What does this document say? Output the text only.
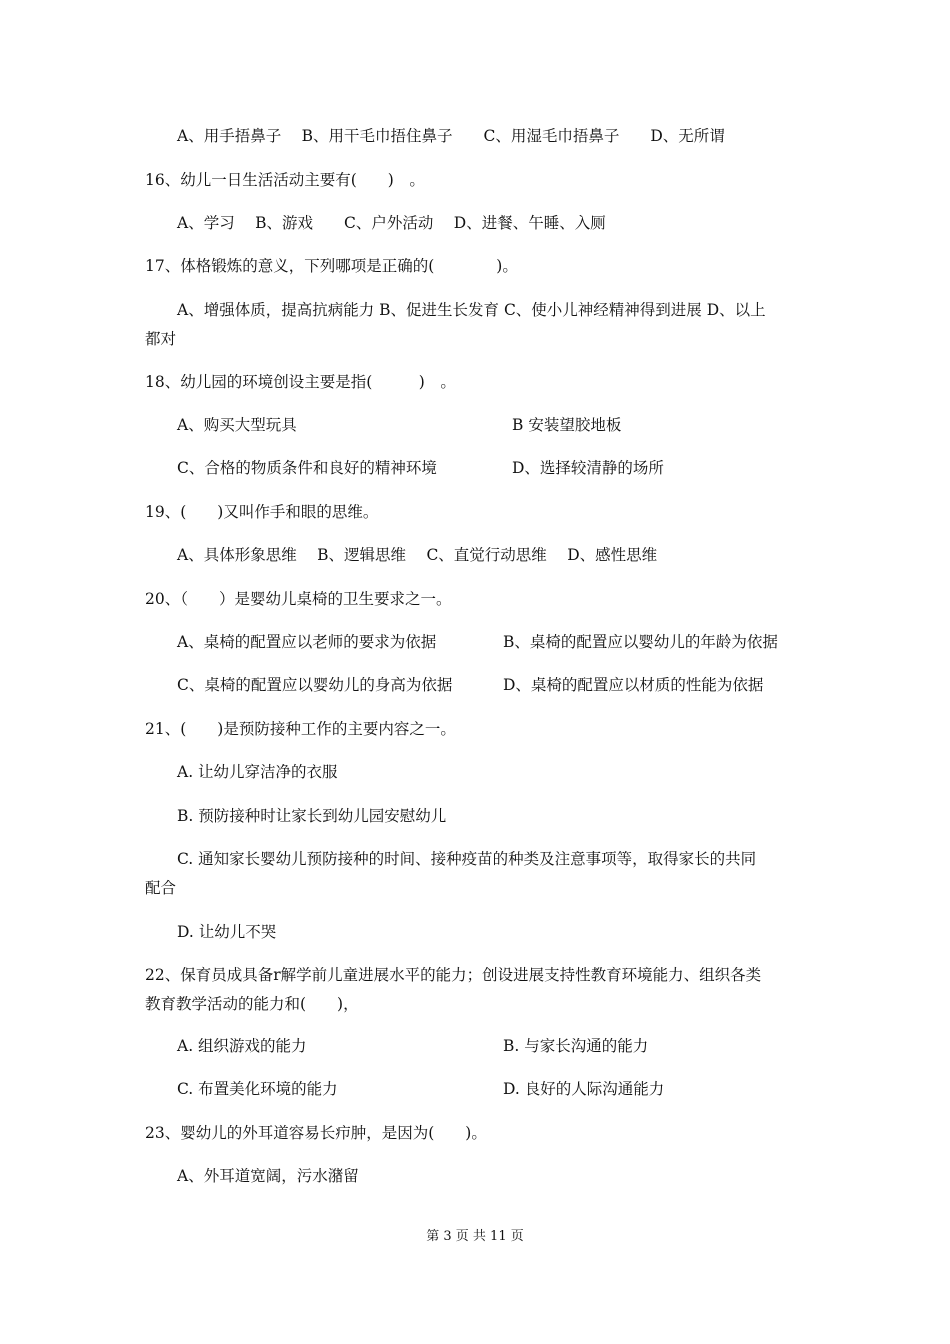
A、用手捂鼻子　 B、用干毛巾捂住鼻子　　C、用湿毛巾捂鼻子　　D、无所谓
16、幼儿一日生活活动主要有(　　)　。
A、学习　 B、游戏　　C、户外活动　 D、进餐、午睡、入厕
17、体格锻炼的意义，下列哪项是正确的(　　　　)。
A、增强体质，提高抗病能力 B、促进生长发育 C、使小儿神经精神得到进展 D、以上
都对
18、幼儿园的环境创设主要是指(　　　)　。
A、购买大型玩具	B 安装望胶地板
C、合格的物质条件和良好的精神环境	D、选择较清静的场所
19、(　　)又叫作手和眼的思维。
A、具体形象思维　 B、逻辑思维　 C、直觉行动思维　 D、感性思维
20、（　　）是婴幼儿桌椅的卫生要求之一。
A、桌椅的配置应以老师的要求为依据	B、桌椅的配置应以婴幼儿的年龄为依据
C、桌椅的配置应以婴幼儿的身高为依据	D、桌椅的配置应以材质的性能为依据
21、(　　)是预防接种工作的主要内容之一。
A. 让幼儿穿洁净的衣服
B. 预防接种时让家长到幼儿园安慰幼儿
C. 通知家长婴幼儿预防接种的时间、接种疫苗的种类及注意事项等，取得家长的共同
配合
D. 让幼儿不哭
22、保育员成具备r解学前儿童进展水平的能力；创设进展支持性教育环境能力、组织各类
教育教学活动的能力和(　　)，
A. 组织游戏的能力	B. 与家长沟通的能力
C. 布置美化环境的能力	D. 良好的人际沟通能力
23、婴幼儿的外耳道容易长疖肿，是因为(　　)。
A、外耳道宽阔，污水潴留
第 3 页 共 11 页
